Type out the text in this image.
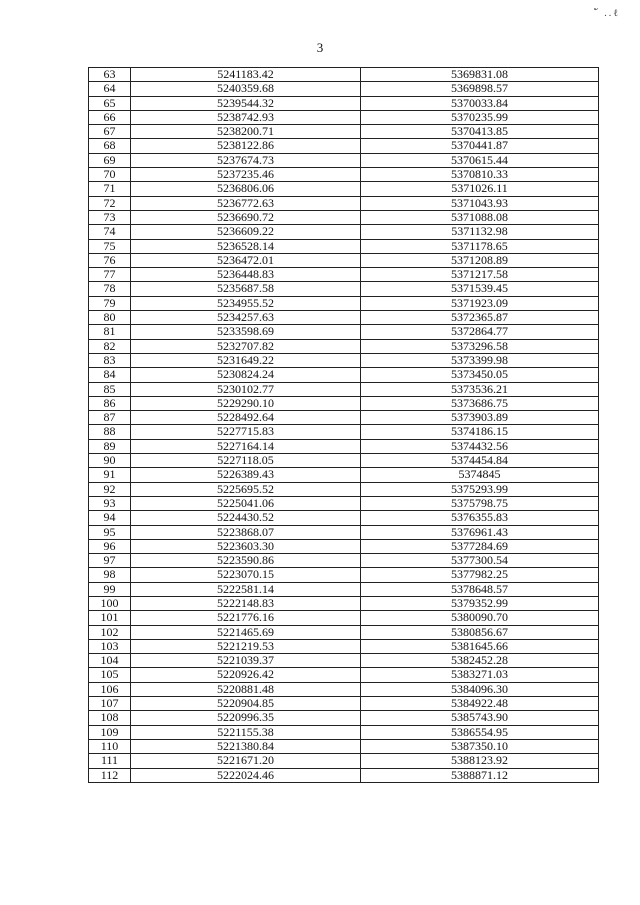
ั ..ℓ
3
63	5241183.42	5369831.08
64	5240359.68	5369898.57
65	5239544.32	5370033.84
66	5238742.93	5370235.99
67	5238200.71	5370413.85
68	5238122.86	5370441.87
69	5237674.73	5370615.44
70	5237235.46	5370810.33
71	5236806.06	5371026.11
72	5236772.63	5371043.93
73	5236690.72	5371088.08
74	5236609.22	5371132.98
75	5236528.14	5371178.65
76	5236472.01	5371208.89
77	5236448.83	5371217.58
78	5235687.58	5371539.45
79	5234955.52	5371923.09
80	5234257.63	5372365.87
81	5233598.69	5372864.77
82	5232707.82	5373296.58
83	5231649.22	5373399.98
84	5230824.24	5373450.05
85	5230102.77	5373536.21
86	5229290.10	5373686.75
87	5228492.64	5373903.89
88	5227715.83	5374186.15
89	5227164.14	5374432.56
90	5227118.05	5374454.84
91	5226389.43	5374845
92	5225695.52	5375293.99
93	5225041.06	5375798.75
94	5224430.52	5376355.83
95	5223868.07	5376961.43
96	5223603.30	5377284.69
97	5223590.86	5377300.54
98	5223070.15	5377982.25
99	5222581.14	5378648.57
100	5222148.83	5379352.99
101	5221776.16	5380090.70
102	5221465.69	5380856.67
103	5221219.53	5381645.66
104	5221039.37	5382452.28
105	5220926.42	5383271.03
106	5220881.48	5384096.30
107	5220904.85	5384922.48
108	5220996.35	5385743.90
109	5221155.38	5386554.95
110	5221380.84	5387350.10
111	5221671.20	5388123.92
112	5222024.46	5388871.12
